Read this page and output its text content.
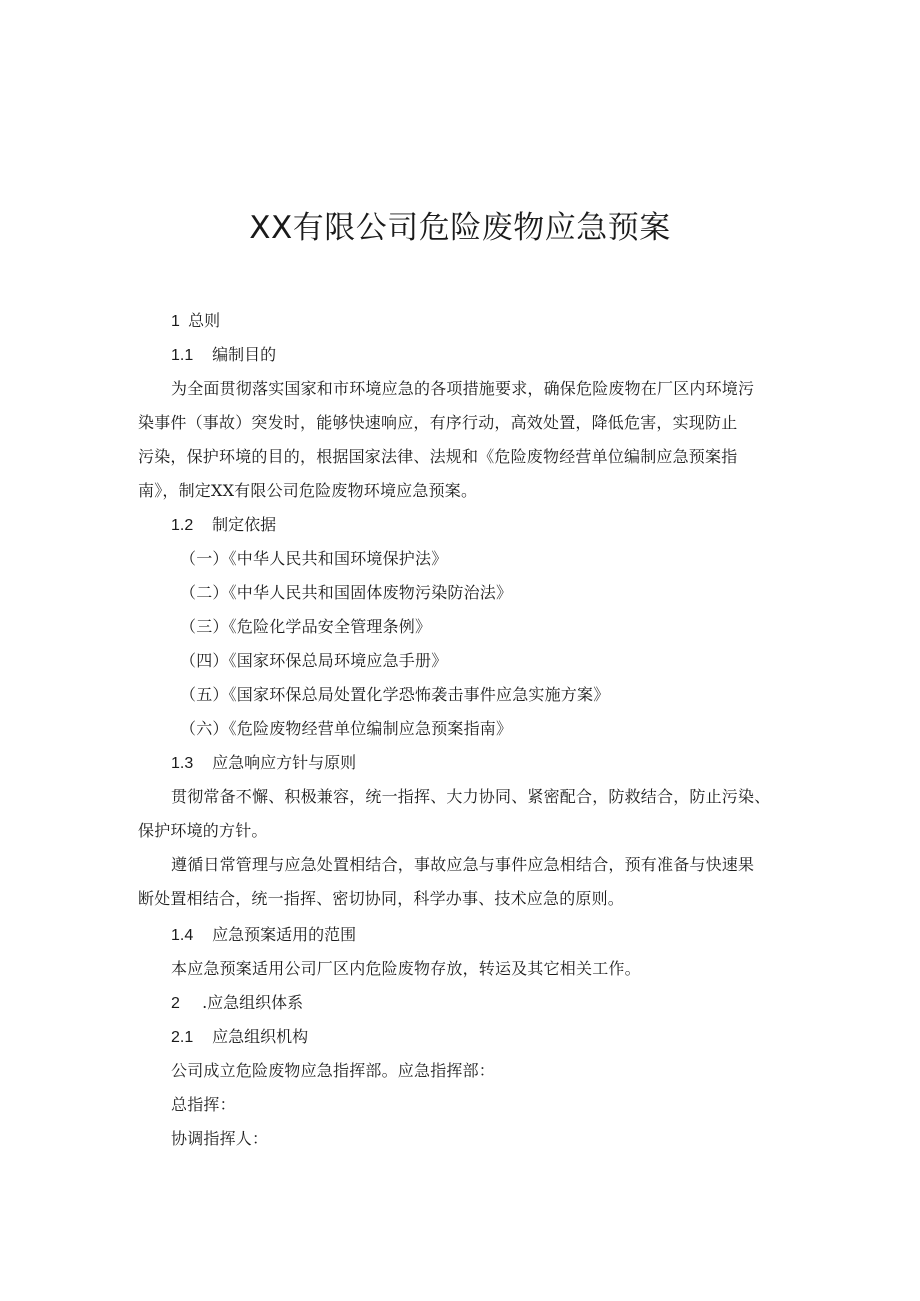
XX有限公司危险废物应急预案
1 总则
1.1 编制目的
为全面贯彻落实国家和市环境应急的各项措施要求，确保危险废物在厂区内环境污
染事件（事故）突发时，能够快速响应，有序行动，高效处置，降低危害，实现防止
污染，保护环境的目的，根据国家法律、法规和《危险废物经营单位编制应急预案指
南》，制定XX有限公司危险废物环境应急预案。
1.2 制定依据
（一）《中华人民共和国环境保护法》
（二）《中华人民共和国固体废物污染防治法》
（三）《危险化学品安全管理条例》
（四）《国家环保总局环境应急手册》
（五）《国家环保总局处置化学恐怖袭击事件应急实施方案》
（六）《危险废物经营单位编制应急预案指南》
1.3 应急响应方针与原则
贯彻常备不懈、积极兼容，统一指挥、大力协同、紧密配合，防救结合，防止污染、
保护环境的方针。
遵循日常管理与应急处置相结合，事故应急与事件应急相结合，预有准备与快速果
断处置相结合，统一指挥、密切协同，科学办事、技术应急的原则。
1.4 应急预案适用的范围
本应急预案适用公司厂区内危险废物存放，转运及其它相关工作。
2 .应急组织体系
2.1 应急组织机构
公司成立危险废物应急指挥部。应急指挥部：
总指挥：
协调指挥人：
